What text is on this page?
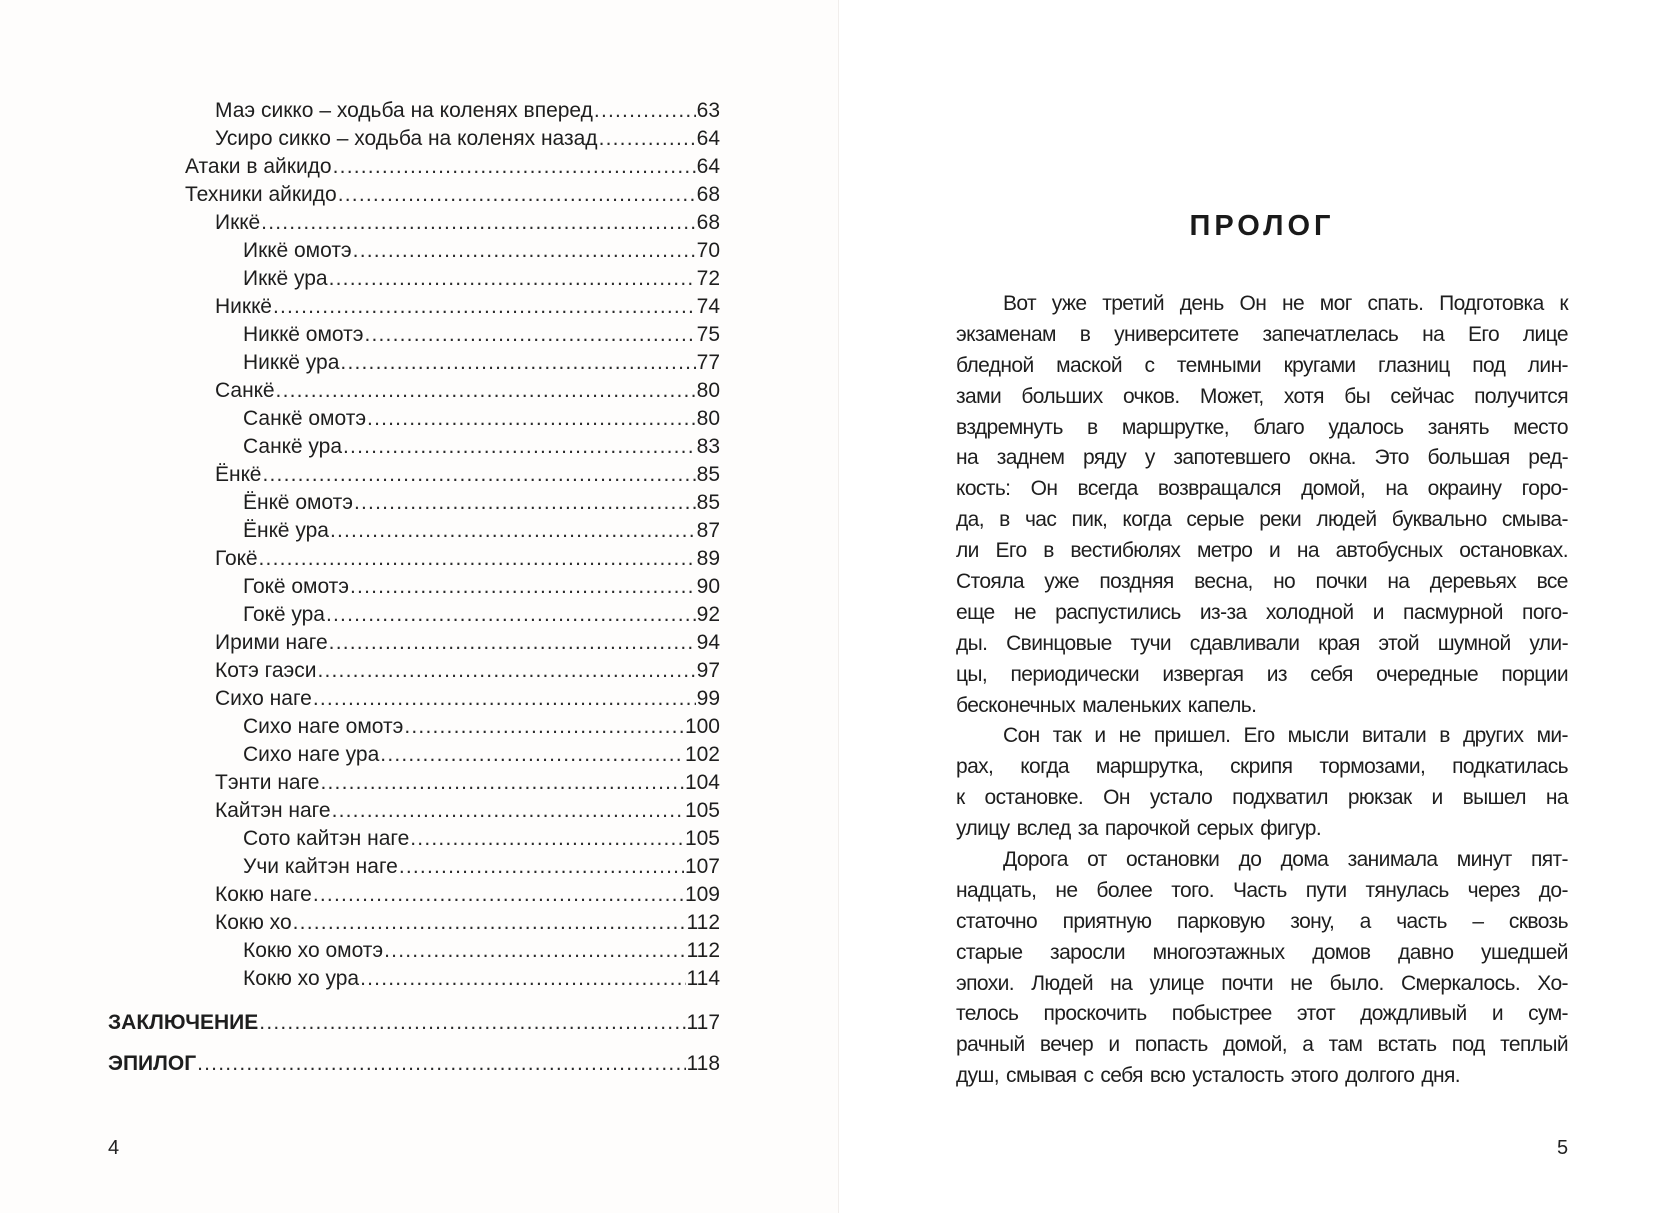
Маэ сикко – ходьба на коленях вперед .....	63
Усиро сикко – ходьба на коленях назад .....	64
Атаки в айкидо .....	64
Техники айкидо .....	68
Иккё .....	68
Иккё омотэ .....	70
Иккё ура .....	72
Никкё .....	74
Никкё омотэ .....	75
Никкё ура .....	77
Санкё .....	80
Санкё омотэ .....	80
Санкё ура .....	83
Ёнкё .....	85
Ёнкё омотэ .....	85
Ёнкё ура .....	87
Гокё .....	89
Гокё омотэ .....	90
Гокё ура .....	92
Ирими наге .....	94
Котэ гаэси .....	97
Сихо наге .....	99
Сихо наге омотэ .....	100
Сихо наге ура .....	102
Тэнти наге .....	104
Кайтэн наге .....	105
Сото кайтэн наге .....	105
Учи кайтэн наге .....	107
Кокю наге .....	109
Кокю хо .....	112
Кокю хо омотэ .....	112
Кокю хо ура .....	114
ЗАКЛЮЧЕНИЕ .....	117
ЭПИЛОГ .....	118
4
ПРОЛОГ
Вот уже третий день Он не мог спать. Подготовка к
экзаменам в университете запечатлелась на Его лице
бледной маской с темными кругами глазниц под лин-
зами больших очков. Может, хотя бы сейчас получится
вздремнуть в маршрутке, благо удалось занять место
на заднем ряду у запотевшего окна. Это большая ред-
кость: Он всегда возвращался домой, на окраину горо-
да, в час пик, когда серые реки людей буквально смыва-
ли Его в вестибюлях метро и на автобусных остановках.
Стояла уже поздняя весна, но почки на деревьях все
еще не распустились из-за холодной и пасмурной пого-
ды. Свинцовые тучи сдавливали края этой шумной ули-
цы, периодически извергая из себя очередные порции
бесконечных маленьких капель.
Сон так и не пришел. Его мысли витали в других ми-
рах, когда маршрутка, скрипя тормозами, подкатилась
к остановке. Он устало подхватил рюкзак и вышел на
улицу вслед за парочкой серых фигур.
Дорога от остановки до дома занимала минут пят-
надцать, не более того. Часть пути тянулась через до-
статочно приятную парковую зону, а часть – сквозь
старые заросли многоэтажных домов давно ушедшей
эпохи. Людей на улице почти не было. Смеркалось. Хо-
телось проскочить побыстрее этот дождливый и сум-
рачный вечер и попасть домой, а там встать под теплый
душ, смывая с себя всю усталость этого долгого дня.
5
